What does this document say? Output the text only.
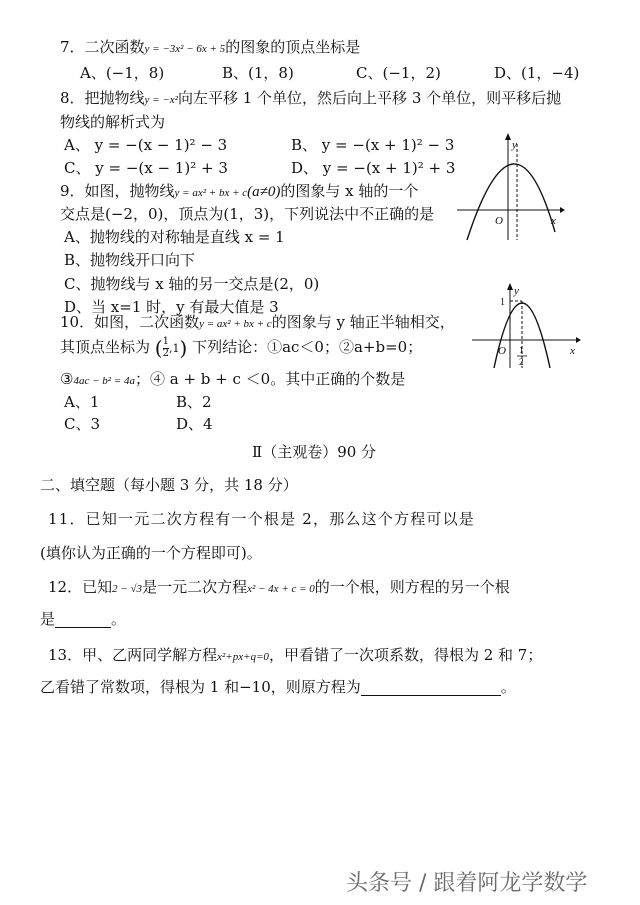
7．二次函数y = −3x² − 6x + 5的图象的顶点坐标是
A、(−1，8)	B、(1，8)	C、(−1，2)	D、(1，−4)
8．把抛物线y = −x²向左平移 1 个单位，然后向上平移 3 个单位，则平移后抛
物线的解析式为
A、 y = −(x − 1)² − 3	B、 y = −(x + 1)² − 3
C、 y = −(x − 1)² + 3	D、 y = −(x + 1)² + 3
9．如图，抛物线y = ax² + bx + c(a≠0)的图象与 x 轴的一个
交点是(−2，0)，顶点为(1，3)，下列说法中不正确的是
A、抛物线的对称轴是直线 x = 1
B、抛物线开口向下
C、抛物线与 x 轴的另一交点是(2，0)
D、当 x=1 时，y 有最大值是 3
y
x
O
10．如图，二次函数y = ax² + bx + c的图象与 y 轴正半轴相交，
其顶点坐标为 ( $\frac{1}{2} ,1$) 下列结论：①ac＜0；②a+b=0；
③4ac − b² = 4a；④ a + b + c ＜0。其中正确的个数是
A、1	B、2
C、3	D、4
y
x
O
1
1
2
Ⅱ（主观卷）90 分
二、填空题（每小题 3 分，共 18 分）
11．已知一元二次方程有一个根是 2，那么这个方程可以是
(填你认为正确的一个方程即可)。
12．已知2 − √3是一元二次方程x² − 4x + c = 0的一个根，则方程的另一个根
是	。
13．甲、乙两同学解方程x²+px+q=0，甲看错了一次项系数，得根为 2 和 7；
乙看错了常数项，得根为 1 和−10，则原方程为	。
头条号 / 跟着阿龙学数学
